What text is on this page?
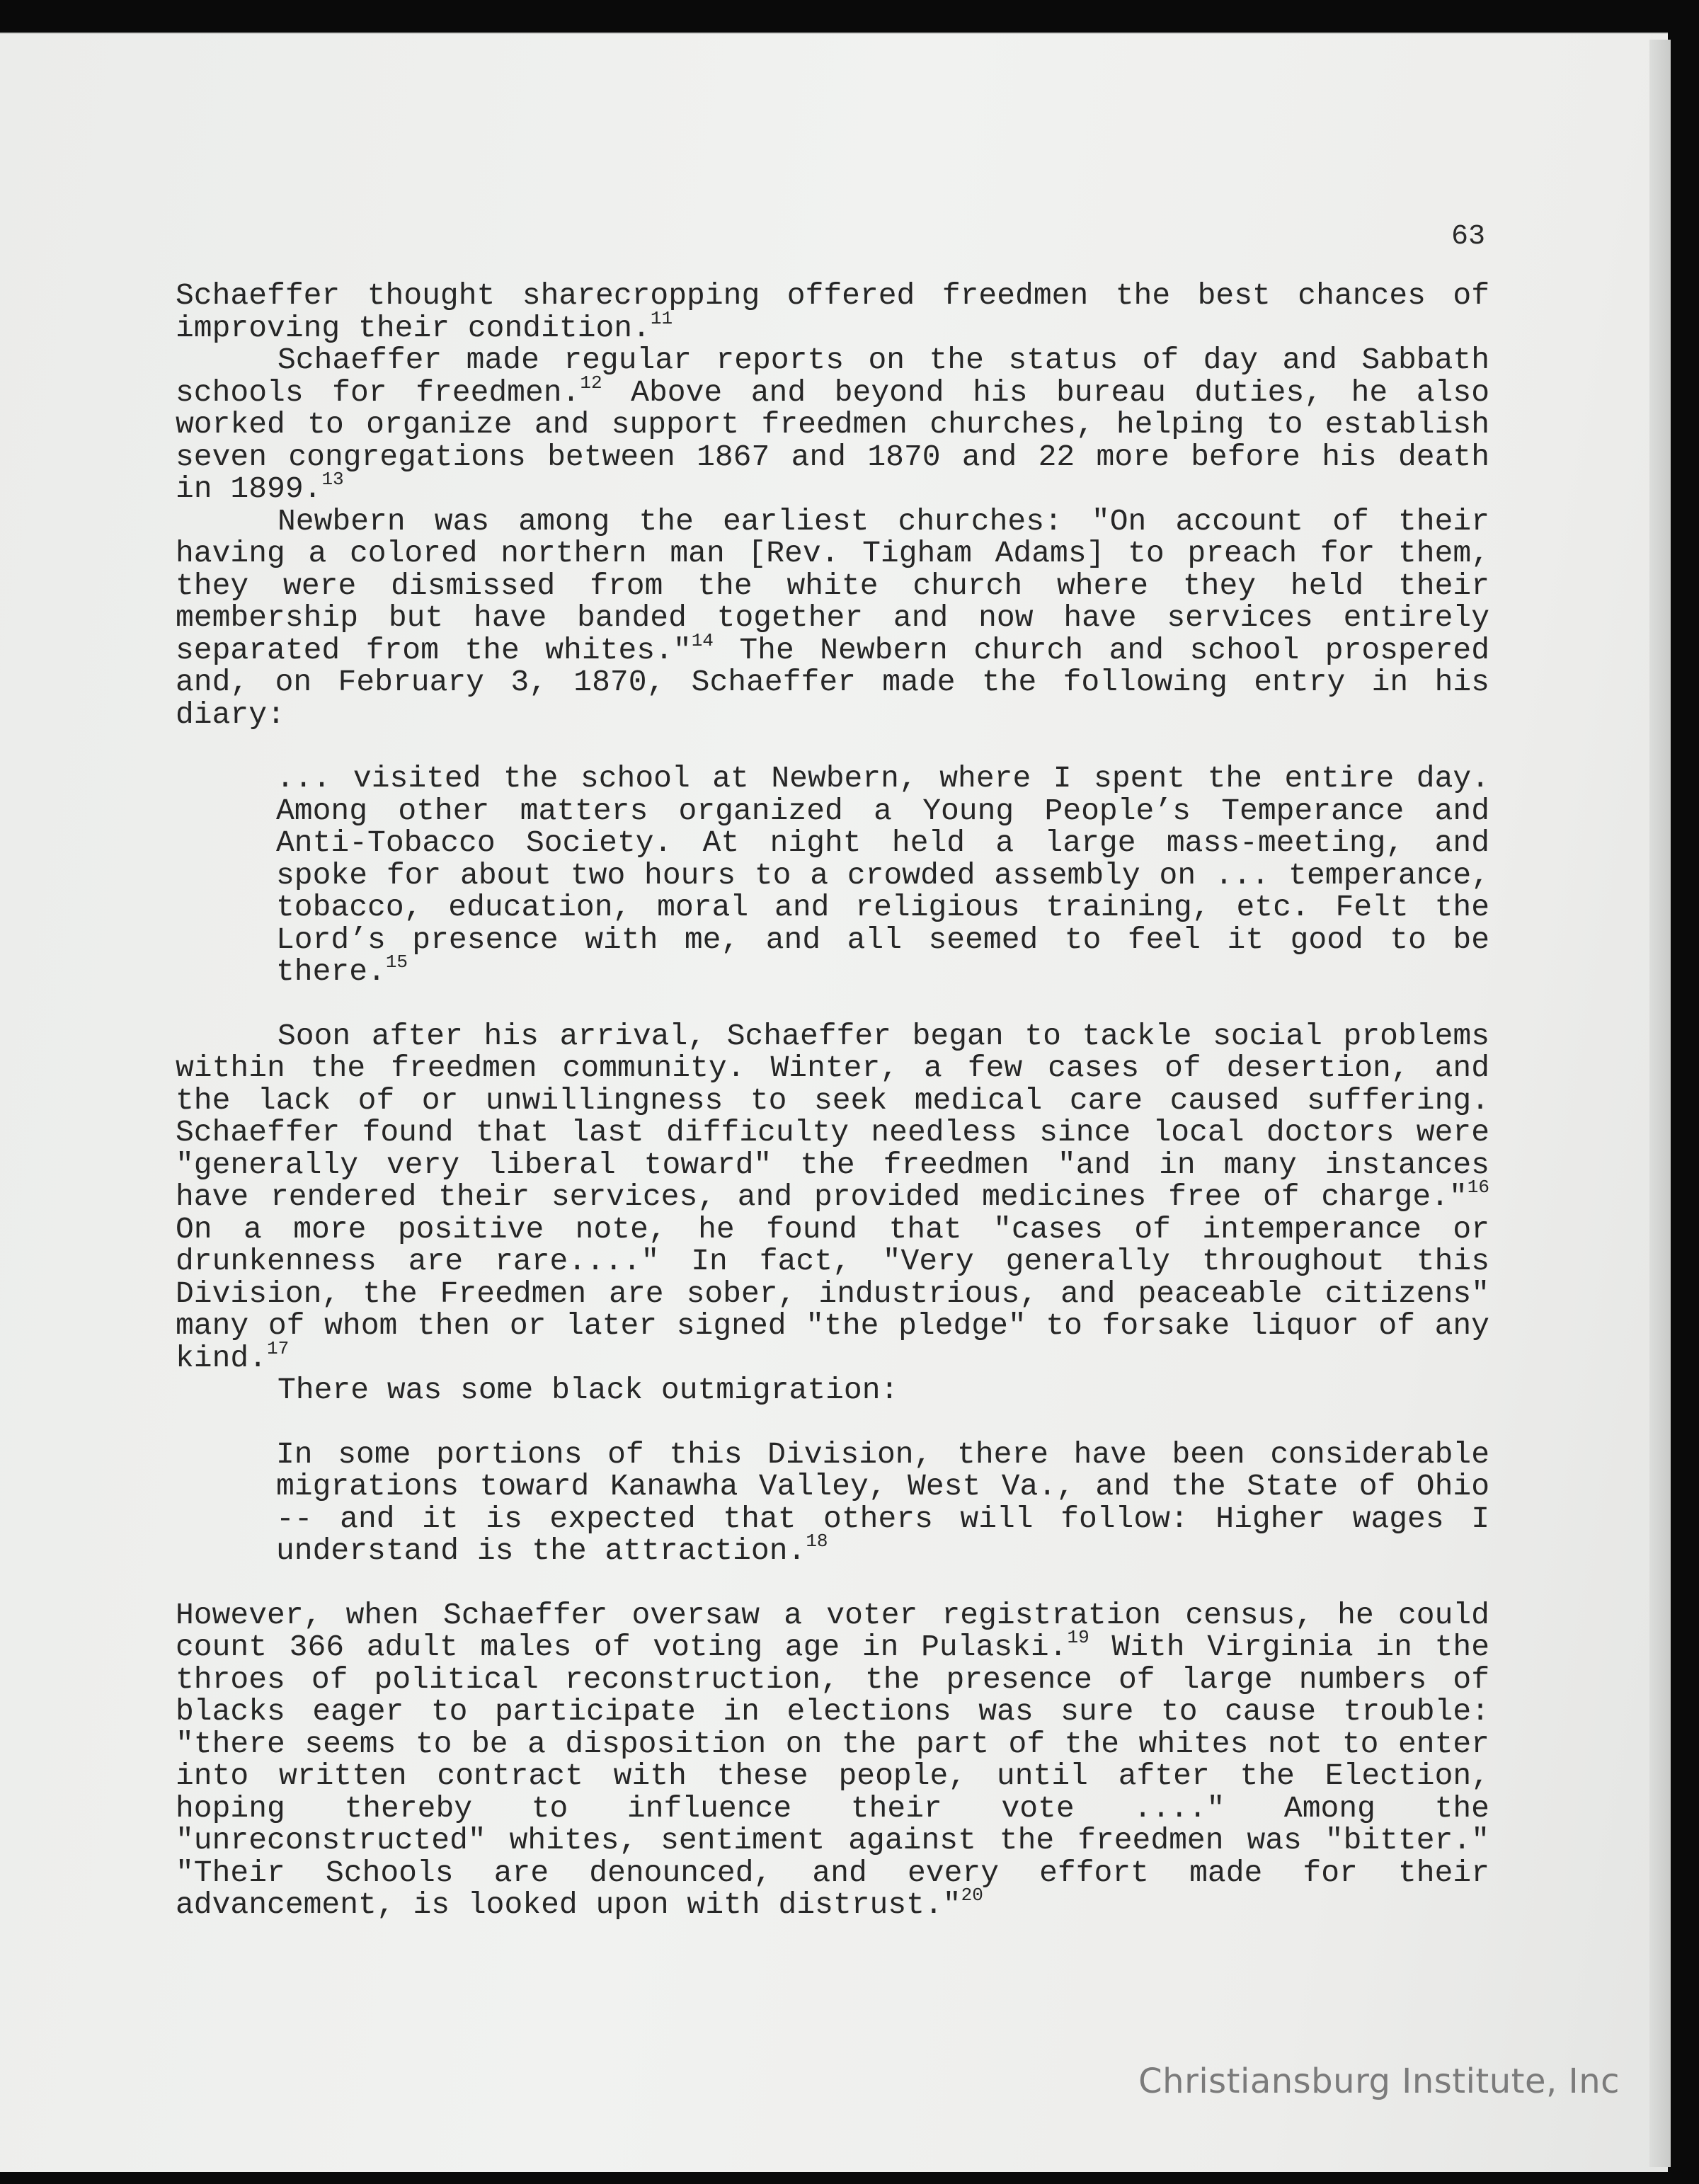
63

Schaeffer thought sharecropping offered freedmen the best chances of improving their condition.$^{11}$

Schaeffer made regular reports on the status of day and Sabbath schools for freedmen.$^{12}$ Above and beyond his bureau duties, he also worked to organize and support freedmen churches, helping to establish seven congregations between 1867 and 1870 and 22 more before his death in 1899.13

Newbern was among the earliest churches: "On account of their having a colored northern man [Rev. Tigham Adams] to preach for them, they were dismissed from the white church where they held their membership but have banded together and now have services entirely separated from the whites."$^{14}$ The Newbern church and school prospered and, on February 3, 1870, Schaeffer made the following entry in his diary:

... visited the school at Newbern, where I spent the entire day. Among other matters organized a Young People’s Temperance and Anti-Tobacco Society. At night held a large mass-meeting, and spoke for about two hours to a crowded assembly on ... temperance, tobacco, education, moral and religious training, etc. Felt the Lord’s presence with me, and all seemed to feel it good to be there.$^{15}$

Soon after his arrival, Schaeffer began to tackle social problems within the freedmen community. Winter, a few cases of desertion, and the lack of or unwillingness to seek medical care caused suffering. Schaeffer found that last difficulty needless since local doctors were "generally very liberal toward" the freedmen "and in many instances have rendered their services, and provided medicines free of charge."$^{16}$ On a more positive note, he found that "cases of intemperance or drunkenness are rare...." In fact, "Very generally throughout this Division, the Freedmen are sober, industrious, and peaceable citizens" many of whom then or later signed "the pledge" to forsake liquor of any kind.$^{17}$

There was some black outmigration:

In some portions of this Division, there have been considerable migrations toward Kanawha Valley, West Va., and the State of Ohio -- and it is expected that others will follow: Higher wages I understand is the attraction.$^{18}$

However, when Schaeffer oversaw a voter registration census, he could count 366 adult males of voting age in Pulaski.$^{19}$ With Virginia in the throes of political reconstruction, the presence of large numbers of blacks eager to participate in elections was sure to cause trouble: "there seems to be a disposition on the part of the whites not to enter into written contract with these people, until after the Election, hoping thereby to influence their vote ...." Among the "unreconstructed" whites, sentiment against the freedmen was "bitter." "Their Schools are denounced, and every effort made for their advancement, is looked upon with distrust."$^{20}$

Christiansburg Institute, Inc
